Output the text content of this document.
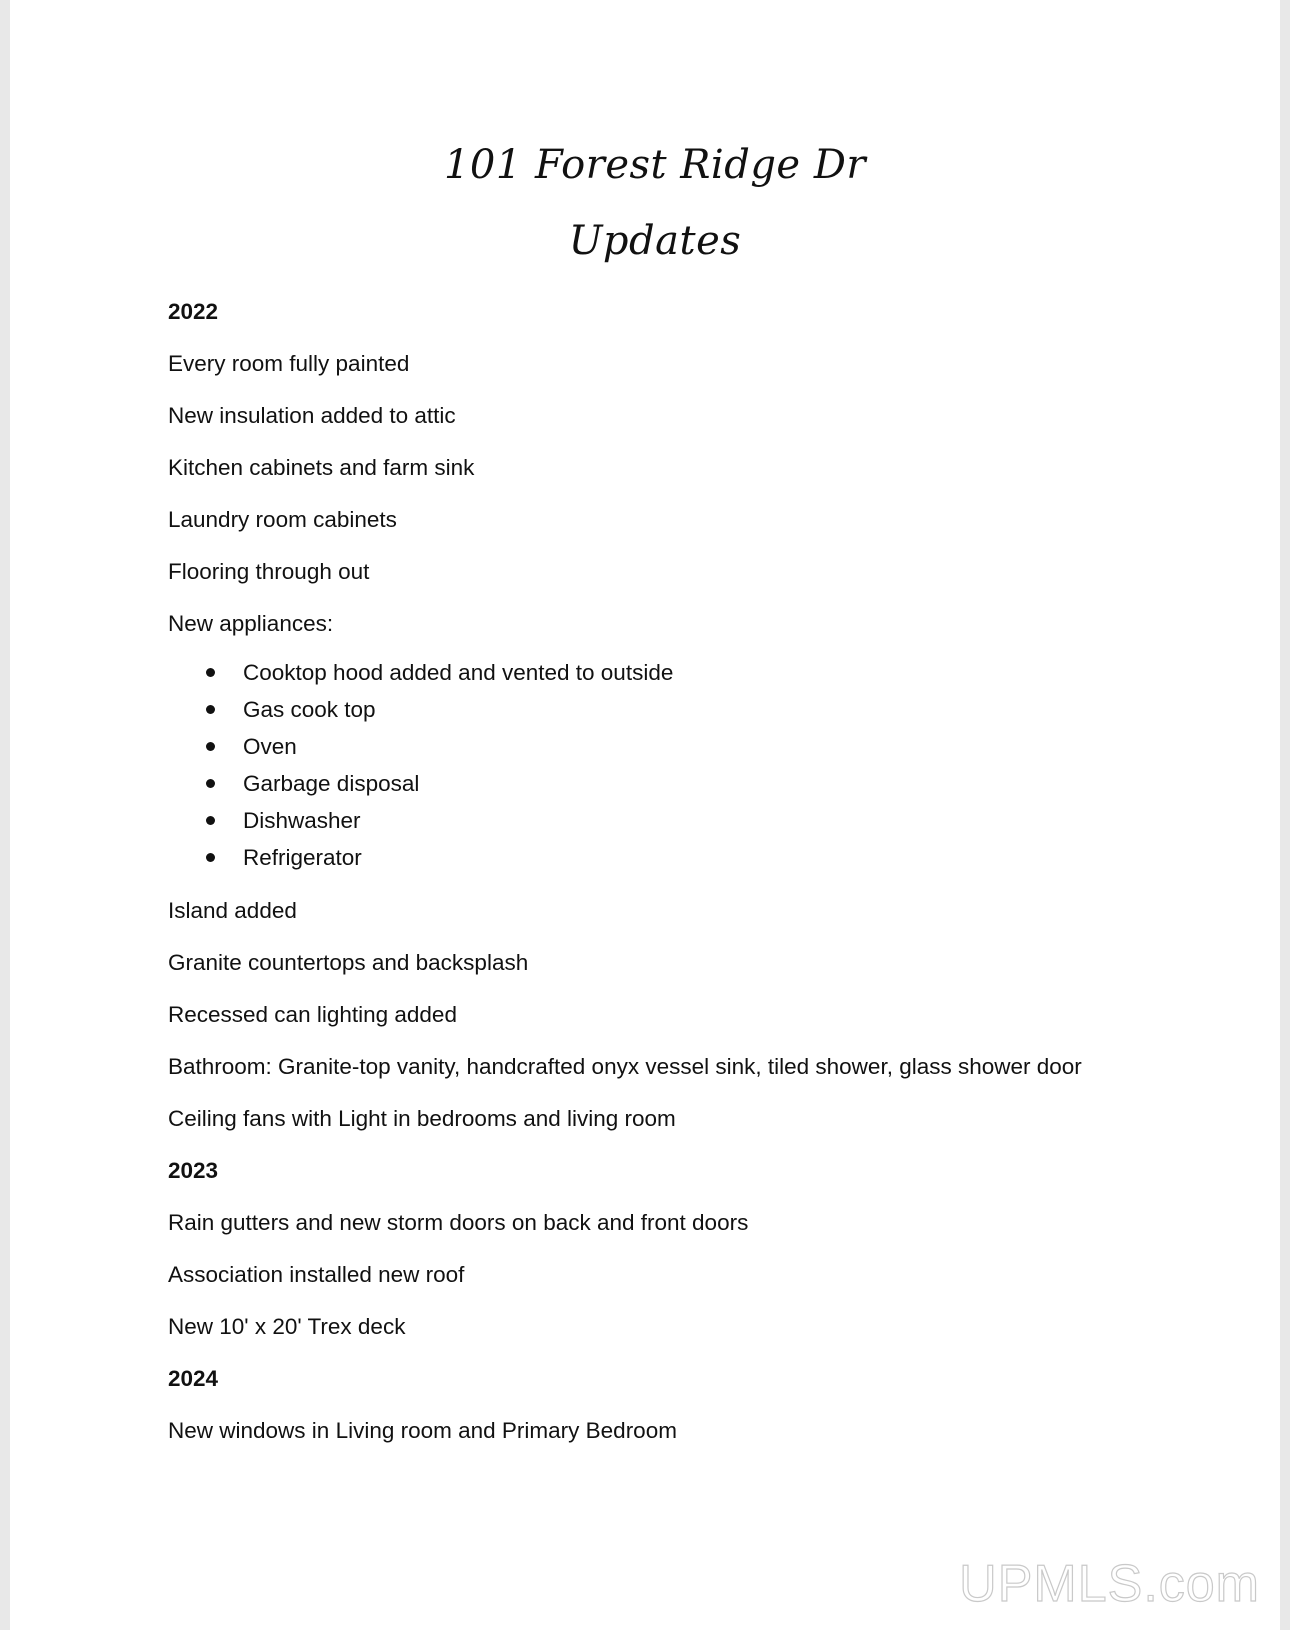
101 Forest Ridge Dr
Updates
2022
Every room fully painted
New insulation added to attic
Kitchen cabinets and farm sink
Laundry room cabinets
Flooring through out
New appliances:
Cooktop hood added and vented to outside
Gas cook top
Oven
Garbage disposal
Dishwasher
Refrigerator
Island added
Granite countertops and backsplash
Recessed can lighting added
Bathroom: Granite-top vanity, handcrafted onyx vessel sink, tiled shower, glass shower door
Ceiling fans with Light in bedrooms and living room
2023
Rain gutters and new storm doors on back and front doors
Association installed new roof
New 10' x 20' Trex deck
2024
New windows in Living room and Primary Bedroom
UPMLS.com
